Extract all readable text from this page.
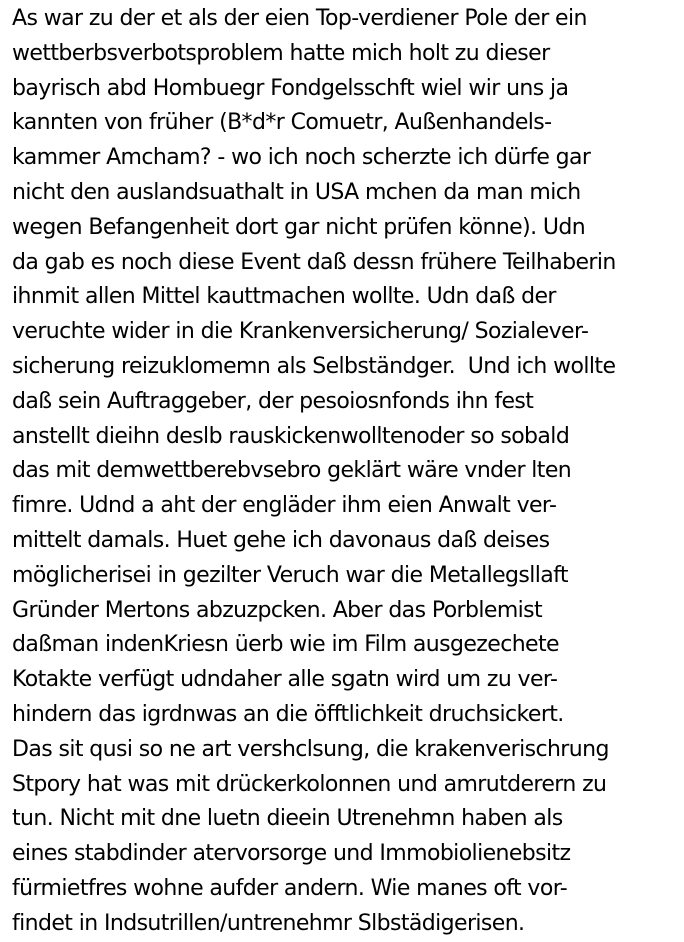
As war zu der et als der eien Top-verdiener Pole der ein
wettberbsverbotsproblem hatte mich holt zu dieser
bayrisch abd Hombuegr Fondgelsschft wiel wir uns ja
kannten von früher (B*d*r Comuetr, Außenhandels-
kammer Amcham? - wo ich noch scherzte ich dürfe gar
nicht den auslandsuathalt in USA mchen da man mich
wegen Befangenheit dort gar nicht prüfen könne). Udn
da gab es noch diese Event daß dessn frühere Teilhaberin
ihnmit allen Mittel kauttmachen wollte. Udn daß der
veruchte wider in die Krankenversicherung/ Sozialever-
sicherung reizuklomemn als Selbständger.  Und ich wollte
daß sein Auftraggeber, der pesoiosnfonds ihn fest
anstellt dieihn deslb rauskickenwolltenoder so sobald
das mit demwettberebvsebro geklärt wäre vnder lten
fimre. Udnd a aht der engläder ihm eien Anwalt ver-
mittelt damals. Huet gehe ich davonaus daß deises
möglicherisei in gezilter Veruch war die Metallegsllaft
Gründer Mertons abzuzpcken. Aber das Porblemist
daßman indenKriesn üerb wie im Film ausgezechete
Kotakte verfügt udndaher alle sgatn wird um zu ver-
hindern das igrdnwas an die öfftlichkeit druchsickert.
Das sit qusi so ne art vershclsung, die krakenverischrung
Stpory hat was mit drückerkolonnen und amrutderern zu
tun. Nicht mit dne luetn dieein Utrenehmn haben als
eines stabdinder atervorsorge und Immobiolienebsitz
fürmietfres wohne aufder andern. Wie manes oft vor-
findet in Indsutrillen/untrenehmr Slbstädigerisen.
